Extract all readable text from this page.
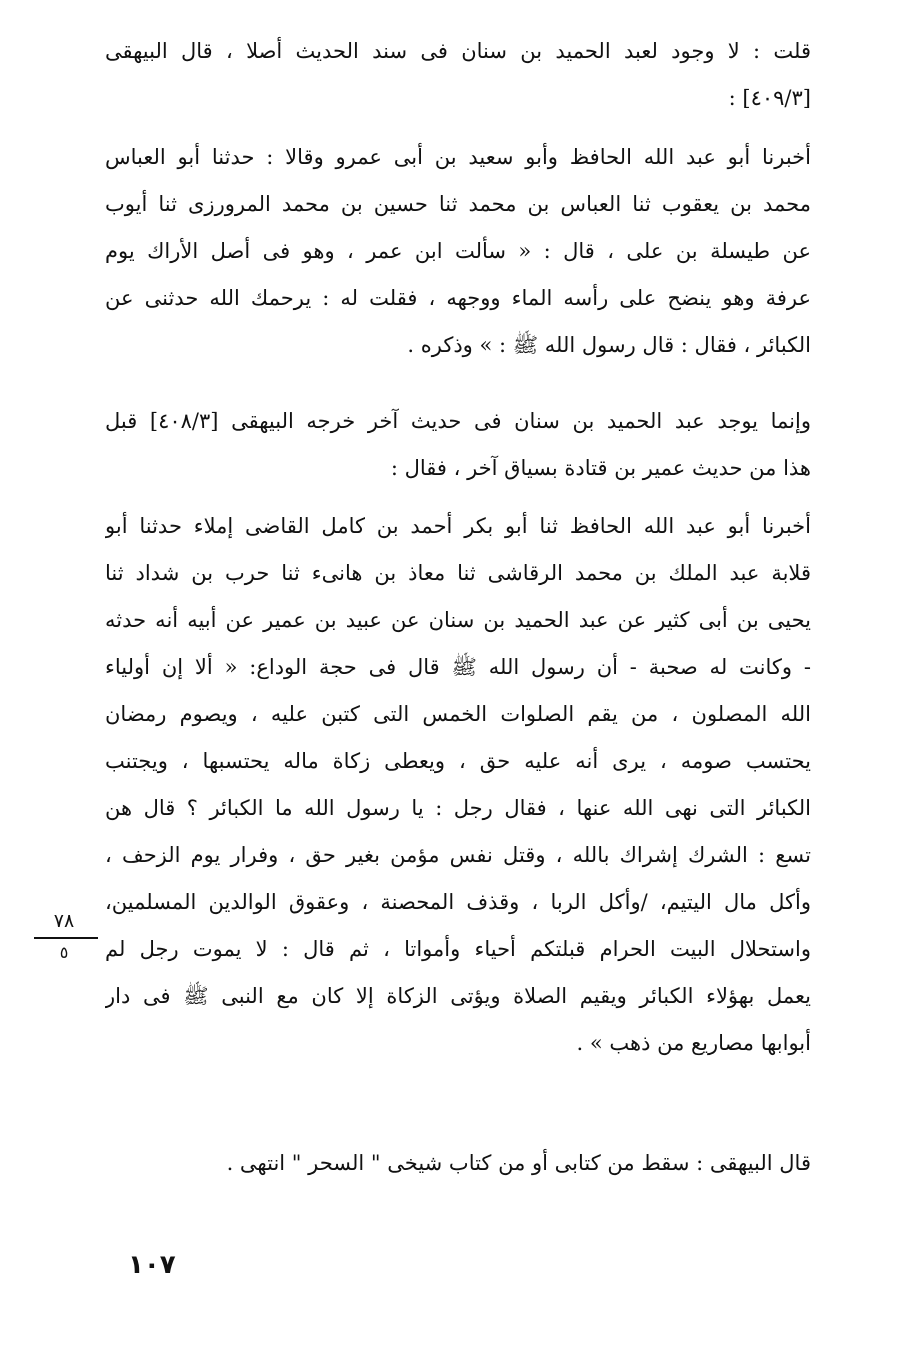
قلت : لا وجود لعبد الحميد بن سنان فى سند الحديث أصلا ، قال البيهقى
[٤٠٩/٣] :
أخبرنا أبو عبد الله الحافظ وأبو سعيد بن أبى عمرو وقالا : حدثنا أبو العباس
محمد بن يعقوب ثنا العباس بن محمد ثنا حسين بن محمد المرورزى ثنا أيوب
عن طيسلة بن على ، قال : « سألت ابن عمر ، وهو فى أصل الأراك يوم
عرفة وهو ينضح على رأسه الماء ووجهه ، فقلت له : يرحمك الله حدثنى عن
الكبائر ، فقال : قال رسول الله ﷺ : » وذكره .
وإنما يوجد عبد الحميد بن سنان فى حديث آخر خرجه البيهقى [٤٠٨/٣] قبل
هذا من حديث عمير بن قتادة بسياق آخر ، فقال :
أخبرنا أبو عبد الله الحافظ ثنا أبو بكر أحمد بن كامل القاضى إملاء حدثنا أبو
قلابة عبد الملك بن محمد الرقاشى ثنا معاذ بن هانىء ثنا حرب بن شداد ثنا
يحيى بن أبى كثير عن عبد الحميد بن سنان عن عبيد بن عمير عن أبيه أنه حدثه
- وكانت له صحبة - أن رسول الله ﷺ قال فى حجة الوداع: « ألا إن أولياء
الله المصلون ، من يقم الصلوات الخمس التى كتبن عليه ، ويصوم رمضان
يحتسب صومه ، يرى أنه عليه حق ، ويعطى زكاة ماله يحتسبها ، ويجتنب
الكبائر التى نهى الله عنها ، فقال رجل : يا رسول الله ما الكبائر ؟ قال هن
تسع : الشرك إشراك بالله ، وقتل نفس مؤمن بغير حق ، وفرار يوم الزحف ،
وأكل مال اليتيم، /وأكل الربا ، وقذف المحصنة ، وعقوق الوالدين المسلمين،
واستحلال البيت الحرام قبلتكم أحياء وأمواتا ، ثم قال : لا يموت رجل لم
يعمل بهؤلاء الكبائر ويقيم الصلاة ويؤتى الزكاة إلا كان مع النبى ﷺ فى دار
أبوابها مصاريع من ذهب » .
قال البيهقى : سقط من كتابى أو من كتاب شيخى " السحر " انتهى .
٧٨
٥
١٠٧
